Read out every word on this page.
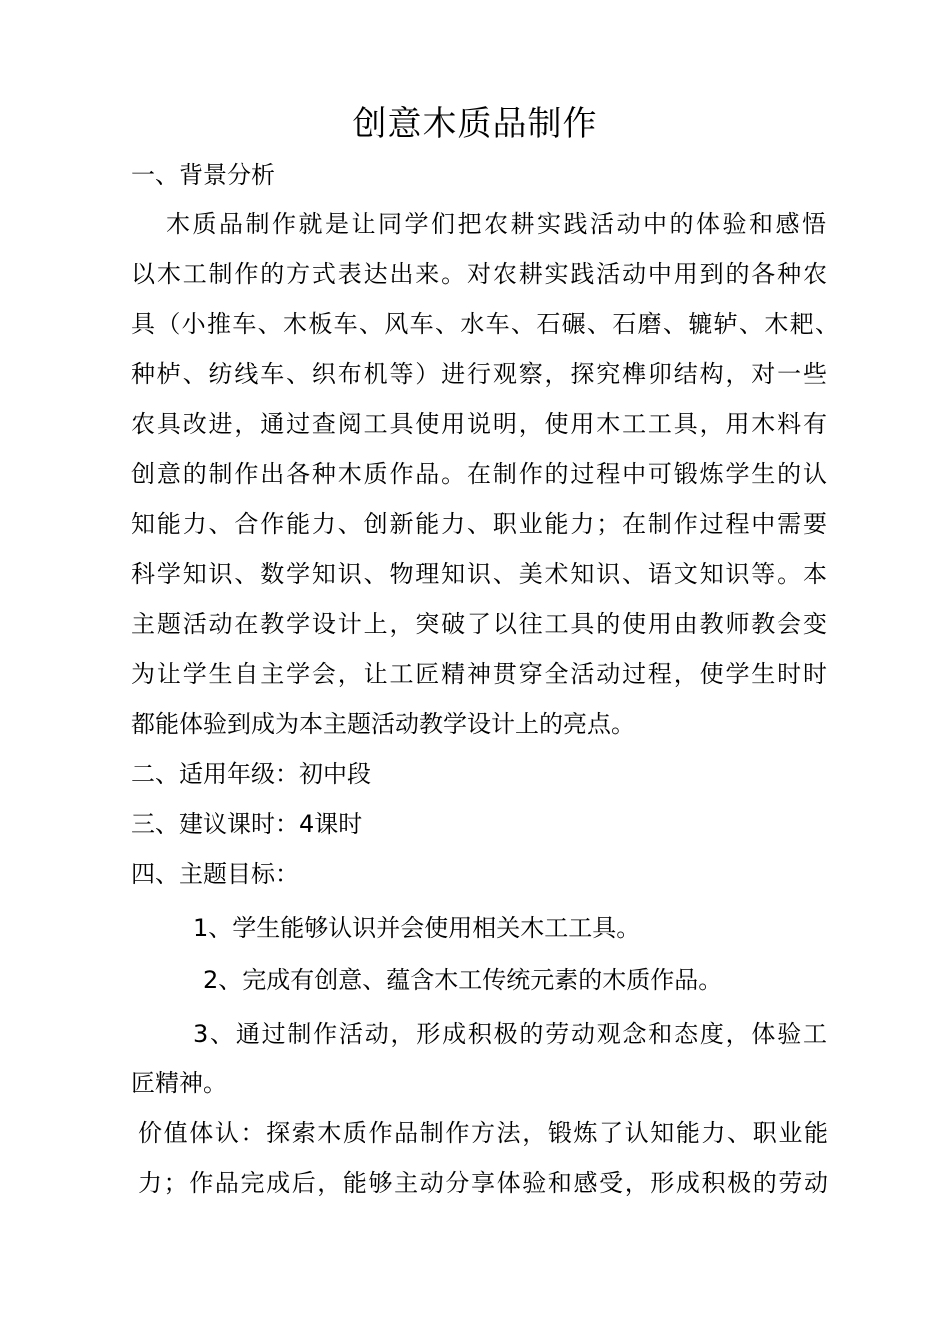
创意木质品制作
一、背景分析
木质品制作就是让同学们把农耕实践活动中的体验和感悟
以木工制作的方式表达出来。对农耕实践活动中用到的各种农
具（小推车、木板车、风车、水车、石碾、石磨、辘轳、木耙、
种栌、纺线车、织布机等）进行观察，探究榫卯结构，对一些
农具改进，通过查阅工具使用说明，使用木工工具，用木料有
创意的制作出各种木质作品。在制作的过程中可锻炼学生的认
知能力、合作能力、创新能力、职业能力；在制作过程中需要
科学知识、数学知识、物理知识、美术知识、语文知识等。本
主题活动在教学设计上，突破了以往工具的使用由教师教会变
为让学生自主学会，让工匠精神贯穿全活动过程，使学生时时
都能体验到成为本主题活动教学设计上的亮点。
二、适用年级：初中段
三、建议课时：4课时
四、主题目标：
1、学生能够认识并会使用相关木工工具。
2、完成有创意、蕴含木工传统元素的木质作品。
3、通过制作活动，形成积极的劳动观念和态度，体验工
匠精神。
价值体认：探索木质作品制作方法，锻炼了认知能力、职业能
力；作品完成后，能够主动分享体验和感受，形成积极的劳动
